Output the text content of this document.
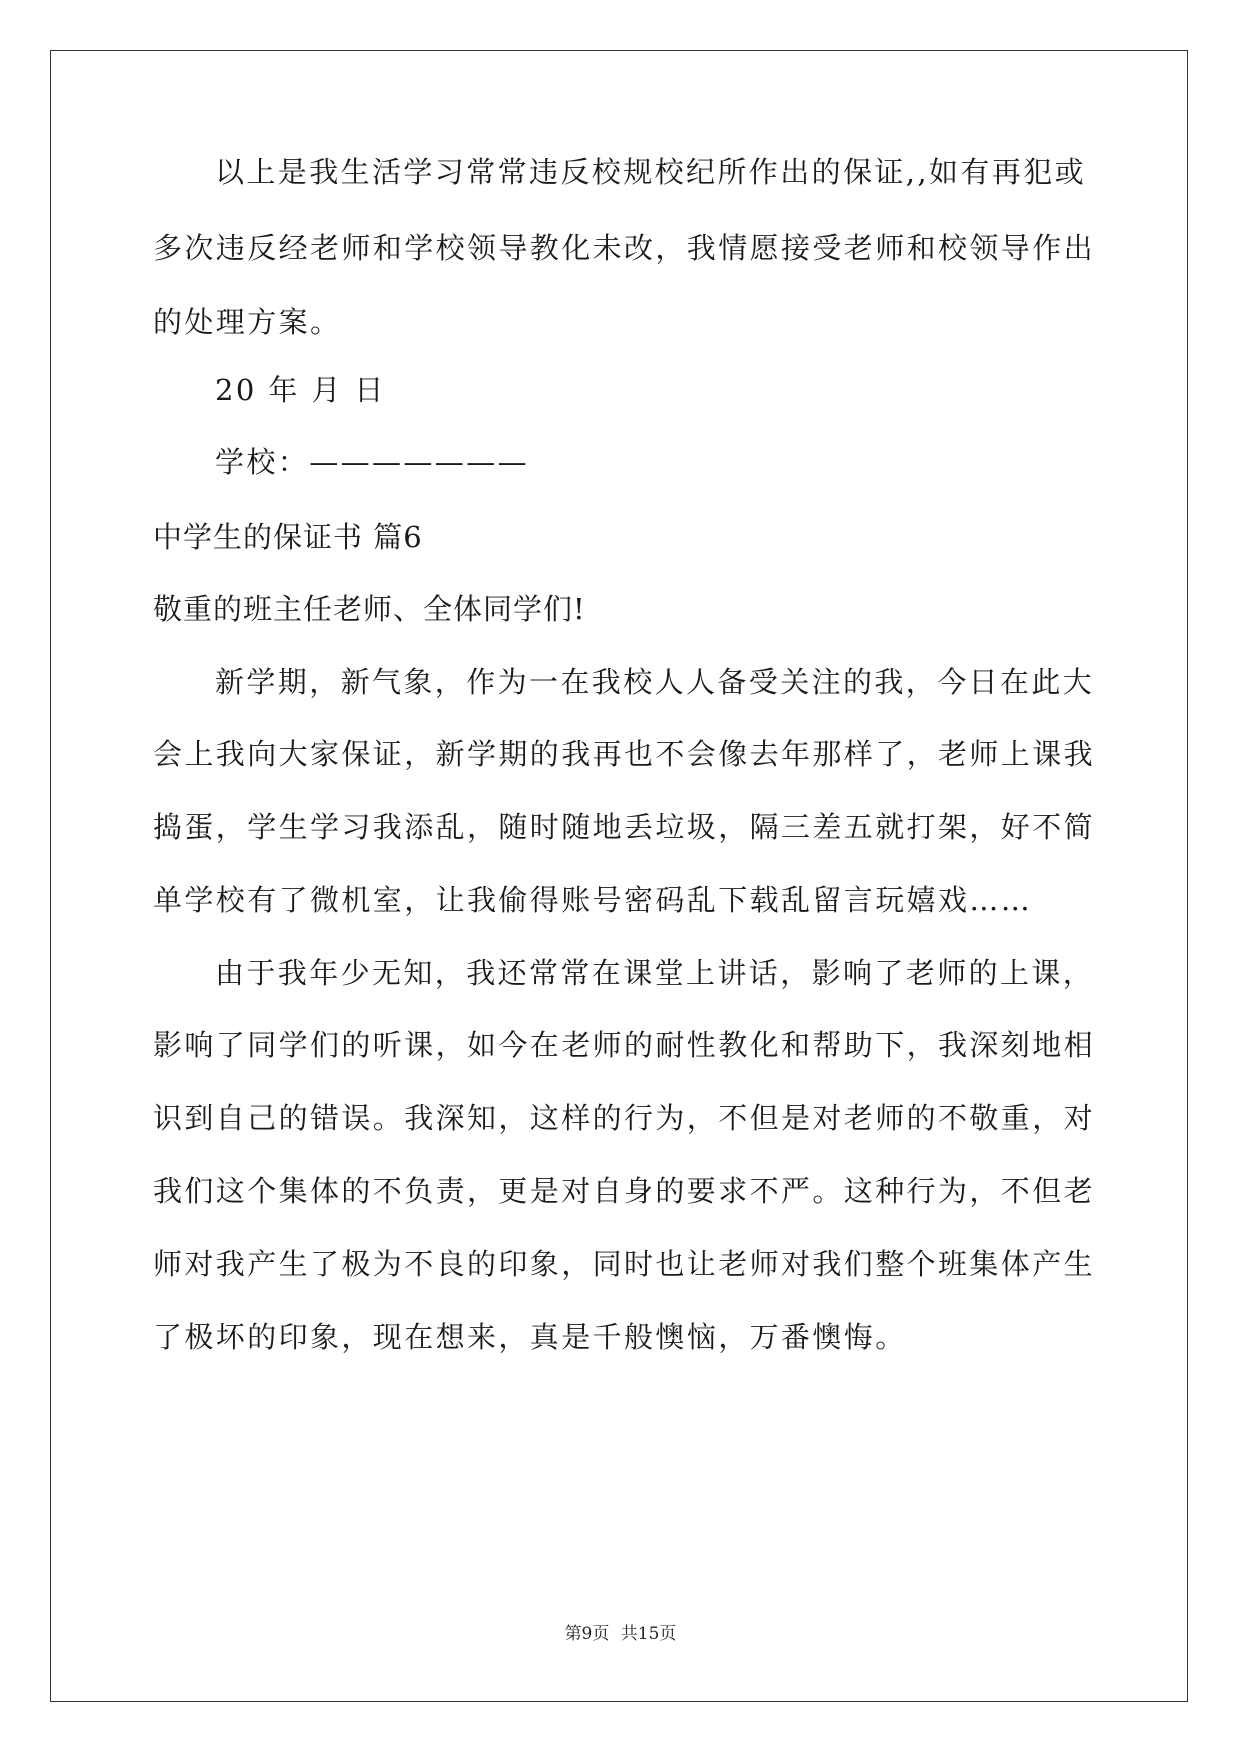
以上是我生活学习常常违反校规校纪所作出的保证,,如有再犯或
多次违反经老师和学校领导教化未改，我情愿接受老师和校领导作出
的处理方案。
20 年 月 日
学校：———————
中学生的保证书 篇6
敬重的班主任老师、全体同学们!
新学期，新气象，作为一在我校人人备受关注的我，今日在此大
会上我向大家保证，新学期的我再也不会像去年那样了，老师上课我
捣蛋，学生学习我添乱，随时随地丢垃圾，隔三差五就打架，好不简
单学校有了微机室，让我偷得账号密码乱下载乱留言玩嬉戏……
由于我年少无知，我还常常在课堂上讲话，影响了老师的上课，
影响了同学们的听课，如今在老师的耐性教化和帮助下，我深刻地相
识到自己的错误。我深知，这样的行为，不但是对老师的不敬重，对
我们这个集体的不负责，更是对自身的要求不严。这种行为，不但老
师对我产生了极为不良的印象，同时也让老师对我们整个班集体产生
了极坏的印象，现在想来，真是千般懊恼，万番懊悔。
第9页 共15页
